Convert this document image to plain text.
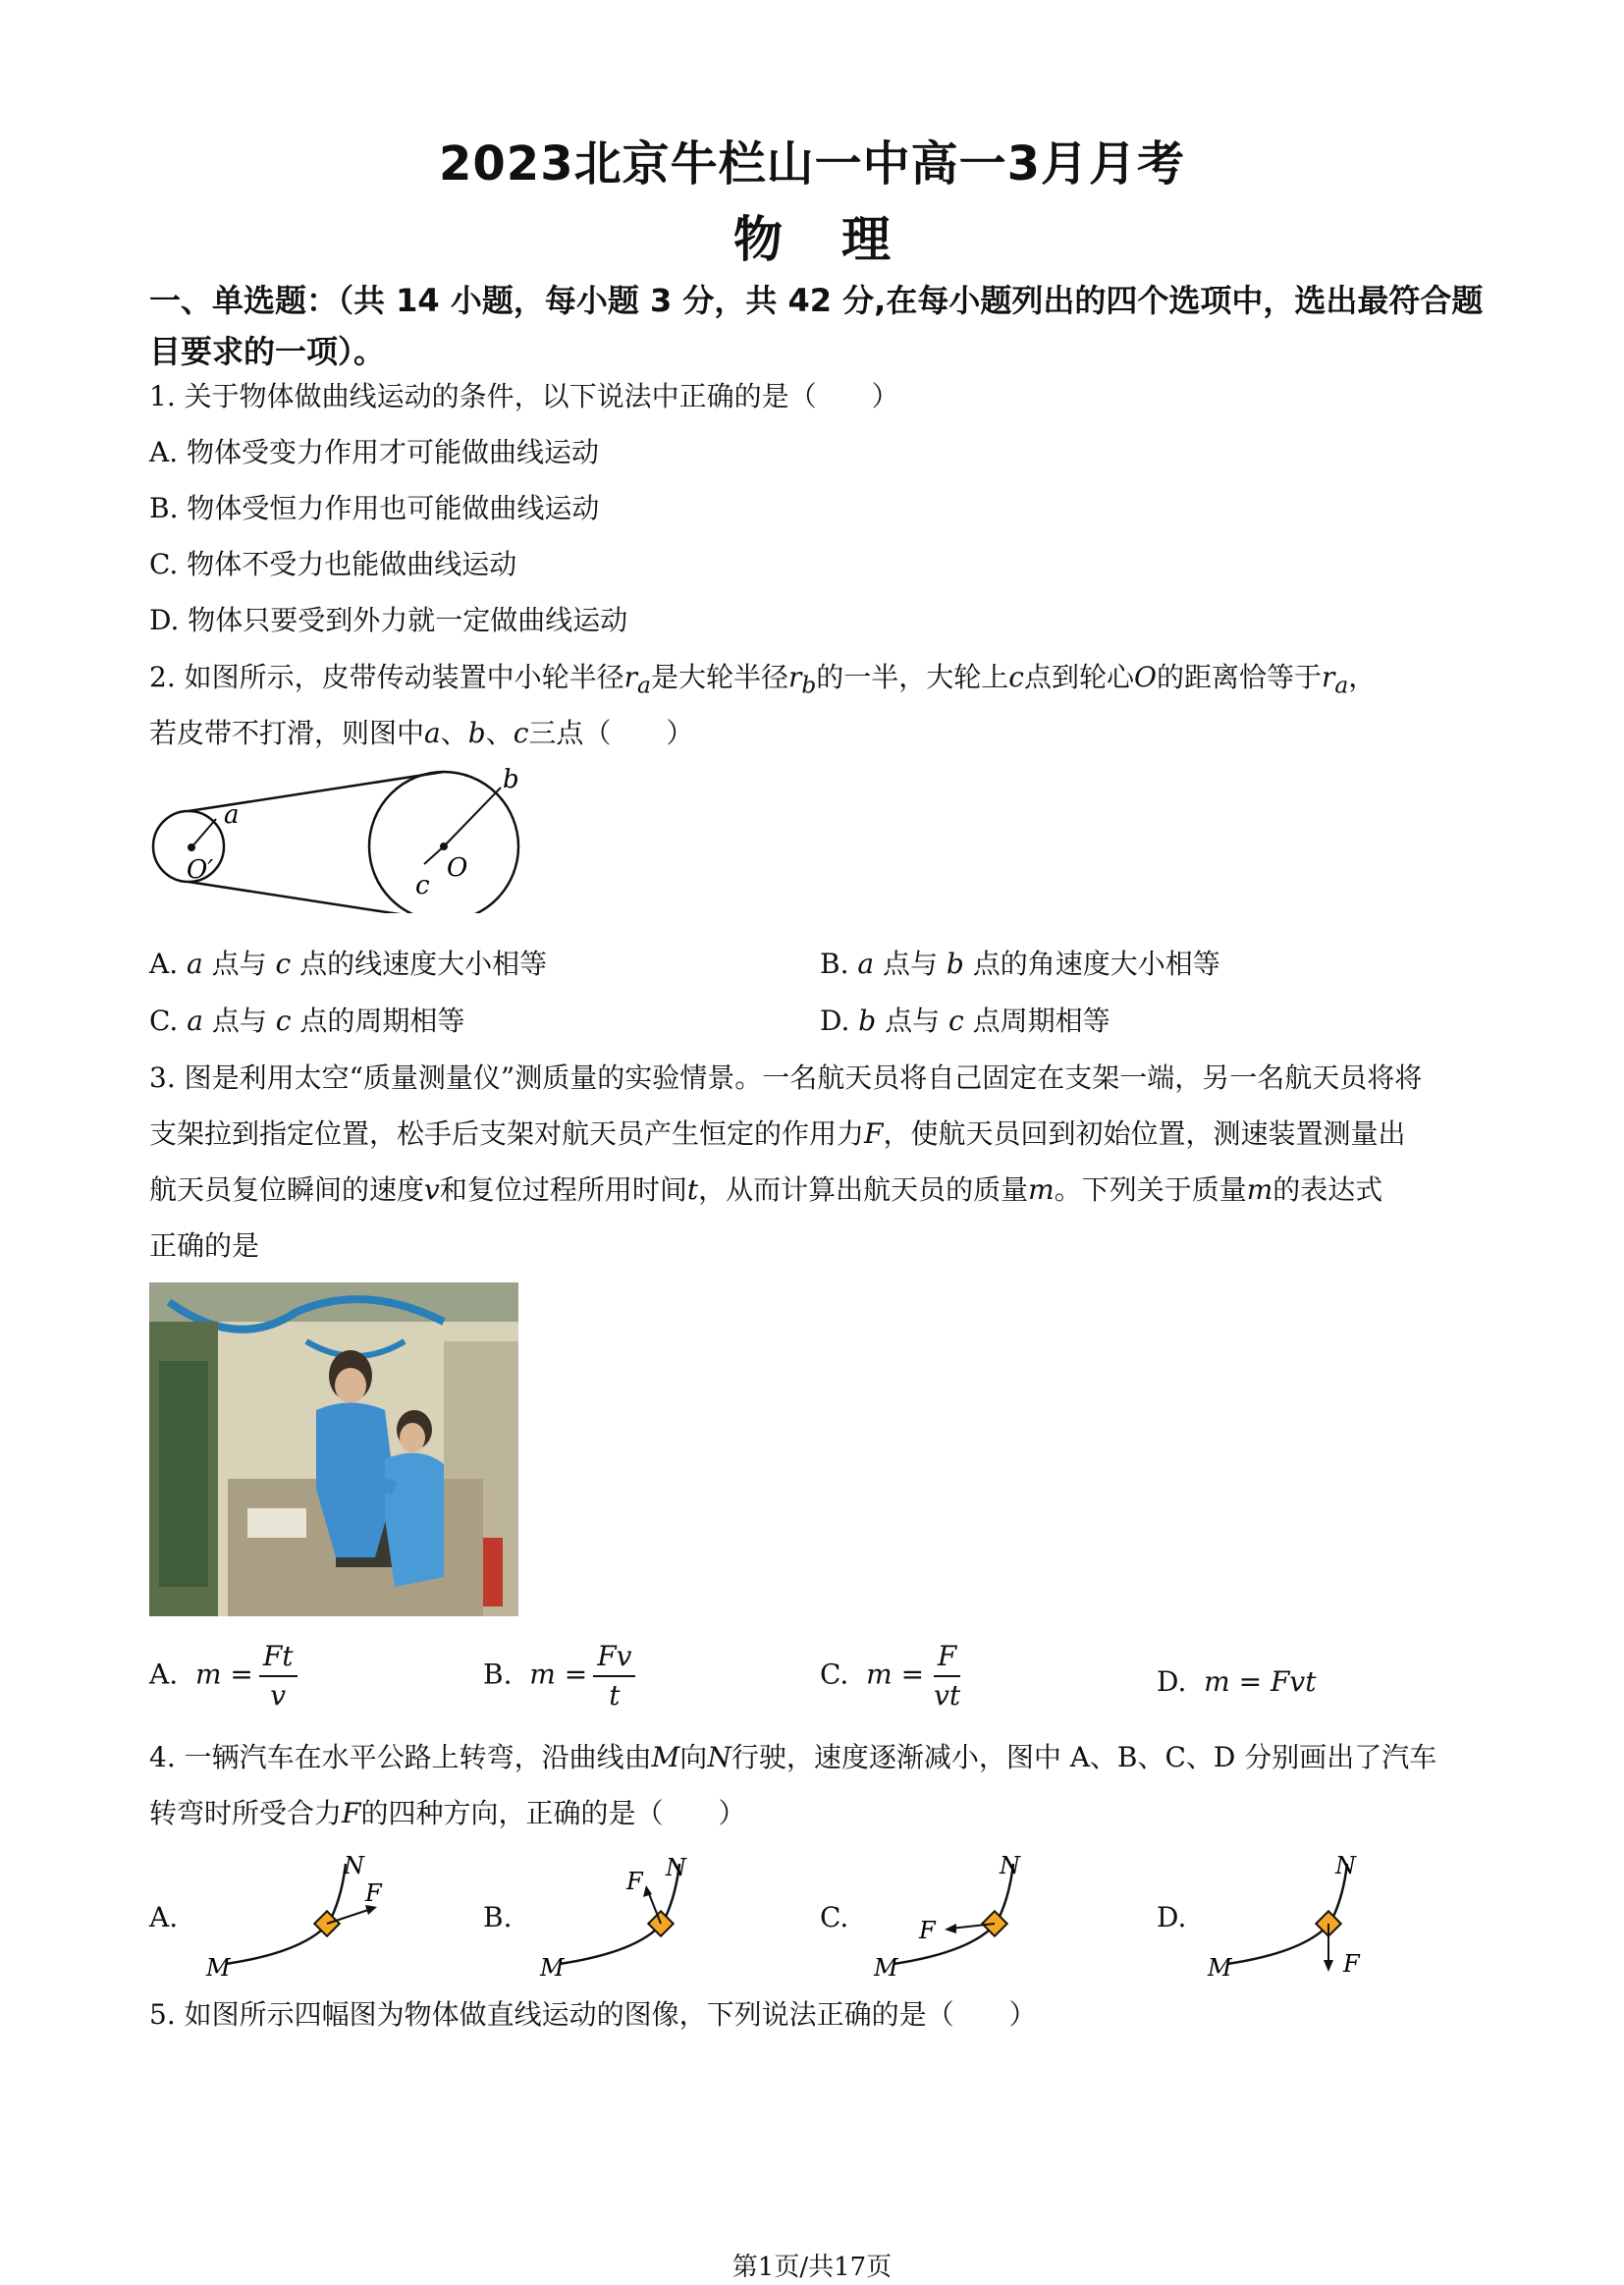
2023北京牛栏山一中高一3月月考
物理
一、单选题：（共 14 小题，每小题 3 分，共 42 分,在每小题列出的四个选项中，选出最符合题
目要求的一项）。
1. 关于物体做曲线运动的条件，以下说法中正确的是（　　）
A. 物体受变力作用才可能做曲线运动
B. 物体受恒力作用也可能做曲线运动
C. 物体不受力也能做曲线运动
D. 物体只要受到外力就一定做曲线运动
2. 如图所示，皮带传动装置中小轮半径$r_a$是大轮半径$r_b$的一半，大轮上c点到轮心O的距离恰等于$r_a$，
若皮带不打滑，则图中a、b、c三点（　　）
a
b
c
O
O′
A. a 点与 c 点的线速度大小相等	B. a 点与 b 点的角速度大小相等
C. a 点与 c 点的周期相等	D. b 点与 c 点周期相等
3. 图是利用太空“质量测量仪”测质量的实验情景。一名航天员将自己固定在支架一端，另一名航天员将将
支架拉到指定位置，松手后支架对航天员产生恒定的作用力F，使航天员回到初始位置，测速装置测量出
航天员复位瞬间的速度v和复位过程所用时间t，从而计算出航天员的质量m。下列关于质量m的表达式
正确的是
A. $m = \frac{Ft}{v}$	B. $m = \frac{Fv}{t}$	C. $m = \frac{F}{vt}$	D. m = Fvt
4. 一辆汽车在水平公路上转弯，沿曲线由M向N行驶，速度逐渐减小，图中 A、B、C、D 分别画出了汽车
转弯时所受合力F的四种方向，正确的是（　　）
A.	B.	C.	D.
N
F
M
N
F
M
N
F
M
N
F
M
5. 如图所示四幅图为物体做直线运动的图像，下列说法正确的是（　　）
第1页/共17页
